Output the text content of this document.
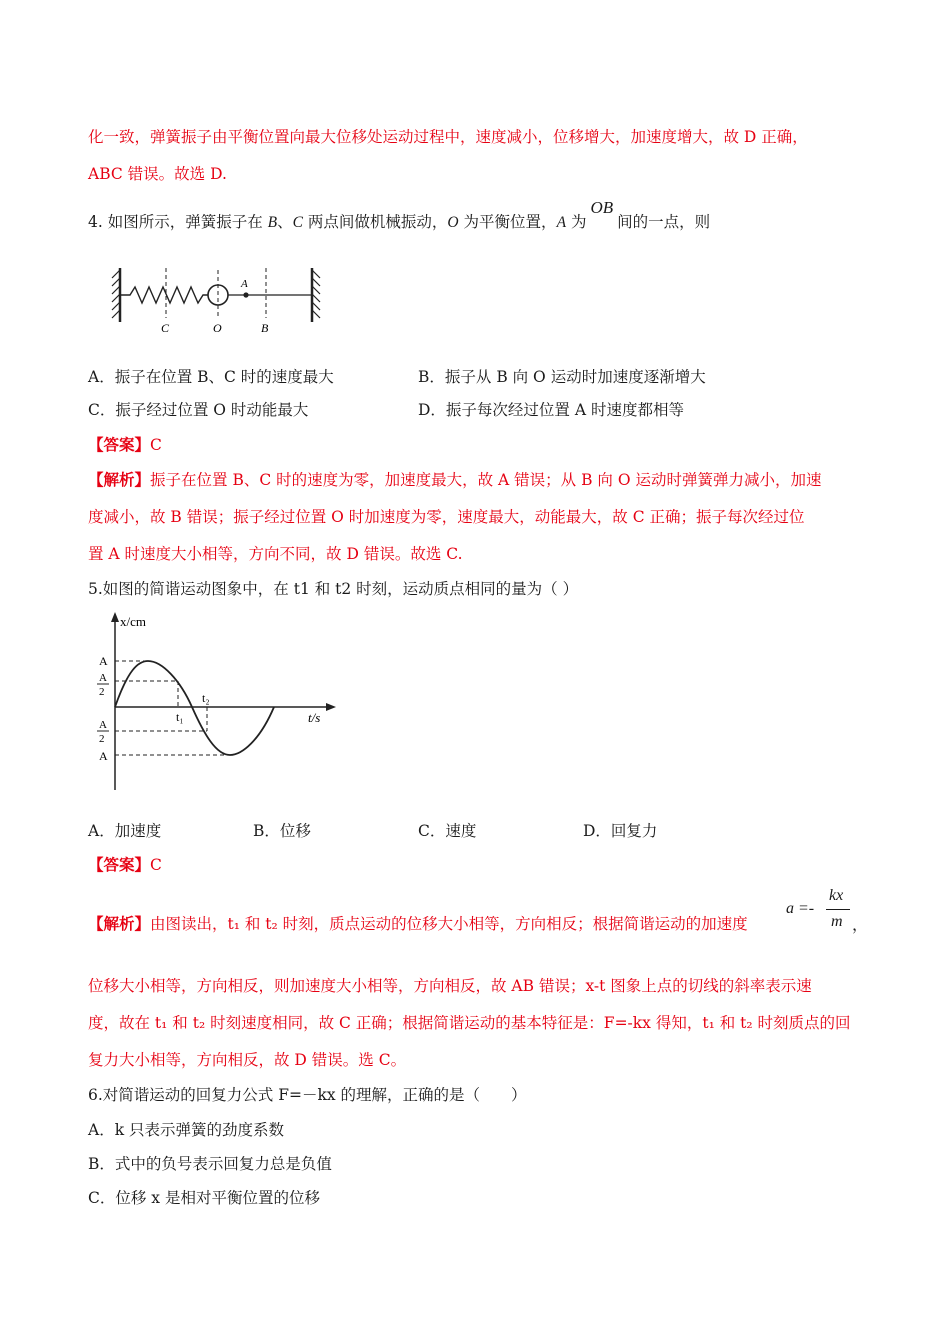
化一致，弹簧振子由平衡位置向最大位移处运动过程中，速度减小，位移增大，加速度增大，故 D 正确，
ABC 错误。故选 D.
4. 如图所示，弹簧振子在 B、C 两点间做机械振动，O 为平衡位置，A 为OB间的一点，则
A
C	O	B
A．振子在位置 B、C 时的速度最大	B．振子从 B 向 O 运动时加速度逐渐增大
C．振子经过位置 O 时动能最大	D．振子每次经过位置 A 时速度都相等
【答案】C
【解析】振子在位置 B、C 时的速度为零，加速度最大，故 A 错误；从 B 向 O 运动时弹簧弹力减小，加速
度减小，故 B 错误；振子经过位置 O 时加速度为零，速度最大，动能最大，故 C 正确；振子每次经过位
置 A 时速度大小相等，方向不同，故 D 错误。故选 C.
5.如图的简谐运动图象中，在 t1 和 t2 时刻，运动质点相同的量为（ ）
x/cm
t/s
A
A
2
A
2
A
t₁
t₂
A．加速度	B．位移	C．速度	D．回复力
【答案】C
【解析】由图读出，t₁ 和 t₂ 时刻，质点运动的位移大小相等，方向相反；根据简谐运动的加速度
a =-
kx
m ，
位移大小相等，方向相反，则加速度大小相等，方向相反，故 AB 错误；x-t 图象上点的切线的斜率表示速
度，故在 t₁ 和 t₂ 时刻速度相同，故 C 正确；根据简谐运动的基本特征是：F=-kx 得知，t₁ 和 t₂ 时刻质点的回
复力大小相等，方向相反，故 D 错误。选 C。
6.对简谐运动的回复力公式 F=－kx 的理解，正确的是（　　）
A．k 只表示弹簧的劲度系数
B．式中的负号表示回复力总是负值
C．位移 x 是相对平衡位置的位移
